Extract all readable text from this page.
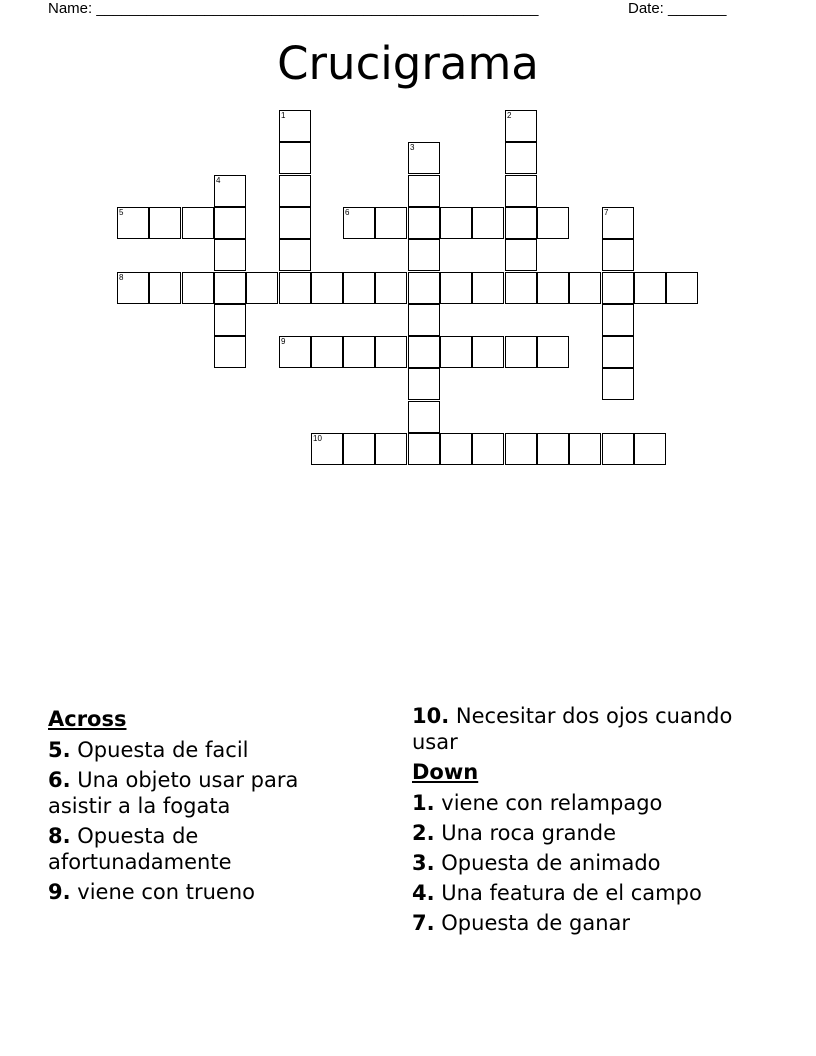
Name: _____________________________________________________	Date: _______
Crucigrama
1	2
3
4
5	6	7
8
9
10
Across
5. Opuesta de facil
6. Una objeto usar para asistir a la fogata
8. Opuesta de afortunadamente
9. viene con trueno
10. Necesitar dos ojos cuando usar
Down
1. viene con relampago
2. Una roca grande
3. Opuesta de animado
4. Una featura de el campo
7. Opuesta de ganar
